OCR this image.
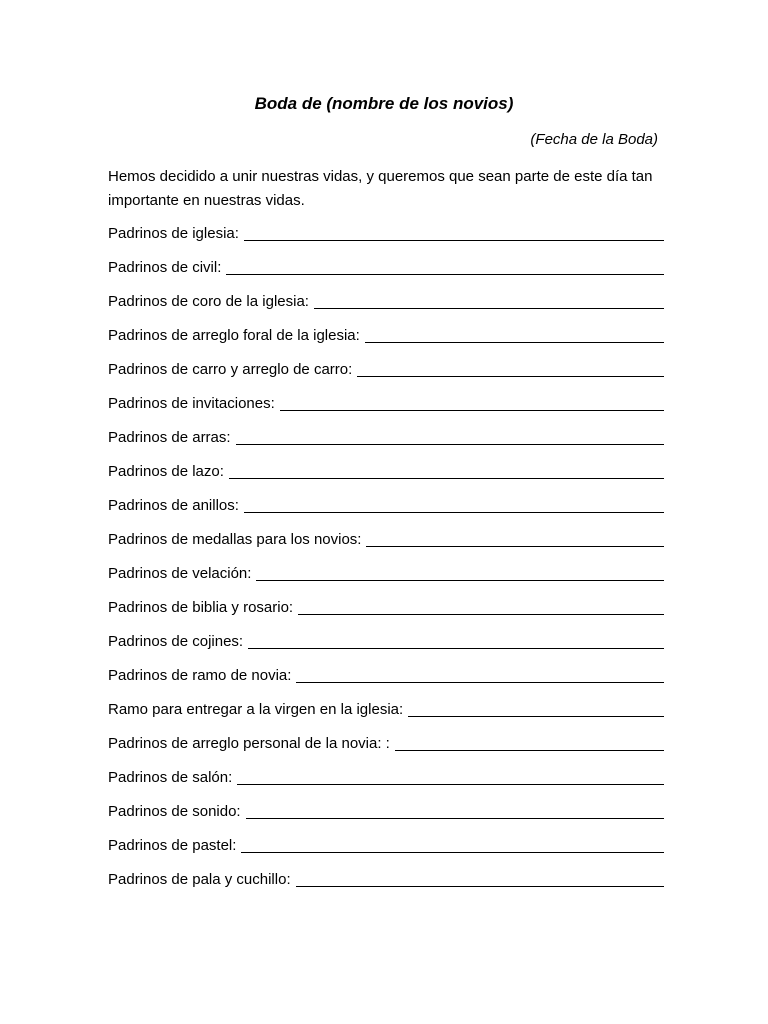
Boda de (nombre de los novios)
(Fecha de la Boda)
Hemos decidido a unir nuestras vidas, y queremos que sean parte de este día tan importante en nuestras vidas.
Padrinos de iglesia:
Padrinos de civil:
Padrinos de coro de la iglesia:
Padrinos de arreglo foral de la iglesia:
Padrinos de carro y arreglo de carro:
Padrinos de invitaciones:
Padrinos de arras:
Padrinos de lazo:
Padrinos de anillos:
Padrinos de medallas para los novios:
Padrinos de velación:
Padrinos de biblia y rosario:
Padrinos de cojines:
Padrinos de ramo de novia:
Ramo para entregar a la virgen en la iglesia:
Padrinos de arreglo personal de la novia: :
Padrinos de salón:
Padrinos de sonido:
Padrinos de pastel:
Padrinos de pala y cuchillo:
